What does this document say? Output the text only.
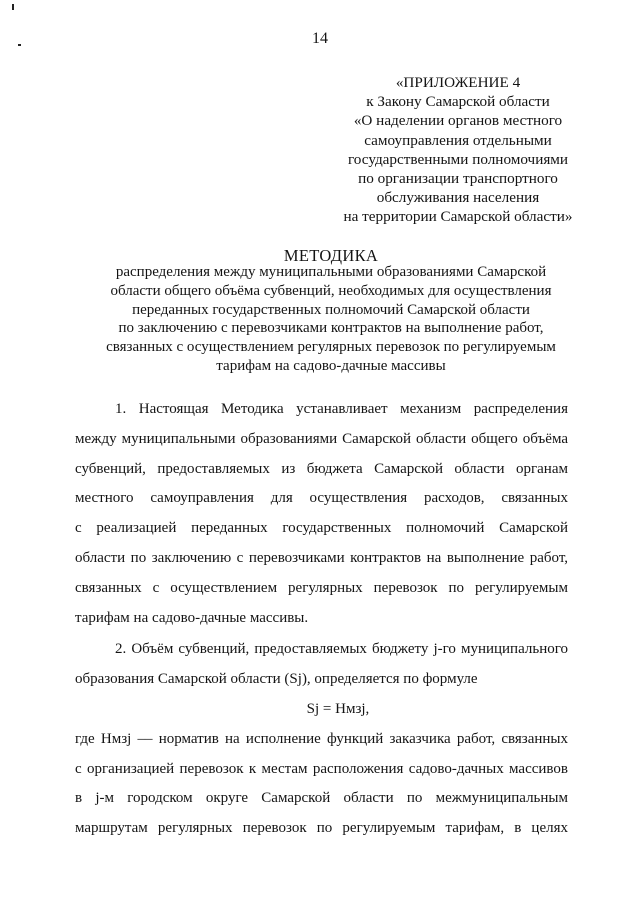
14
«ПРИЛОЖЕНИЕ 4
к Закону Самарской области
«О наделении органов местного
самоуправления отдельными
государственными полномочиями
по организации транспортного
обслуживания населения
на территории Самарской области»
МЕТОДИКА
распределения между муниципальными образованиями Самарской
области общего объёма субвенций, необходимых для осуществления
переданных государственных полномочий Самарской области
по заключению с перевозчиками контрактов на выполнение работ,
связанных с осуществлением регулярных перевозок по регулируемым
тарифам на садово-дачные массивы
1. Настоящая Методика устанавливает механизм распределения
между муниципальными образованиями Самарской области общего объёма
субвенций, предоставляемых из бюджета Самарской области органам
местного самоуправления для осуществления расходов, связанных
с реализацией переданных государственных полномочий Самарской
области по заключению с перевозчиками контрактов на выполнение работ,
связанных с осуществлением регулярных перевозок по регулируемым
тарифам на садово-дачные массивы.
2. Объём субвенций, предоставляемых бюджету j-го муниципального
образования Самарской области (Sj), определяется по формуле
Sj = Нмзj,
где Нмзj –– норматив на исполнение функций заказчика работ, связанных
с организацией перевозок к местам расположения садово-дачных массивов
в j-м городском округе Самарской области по межмуниципальным
маршрутам регулярных перевозок по регулируемым тарифам, в целях
